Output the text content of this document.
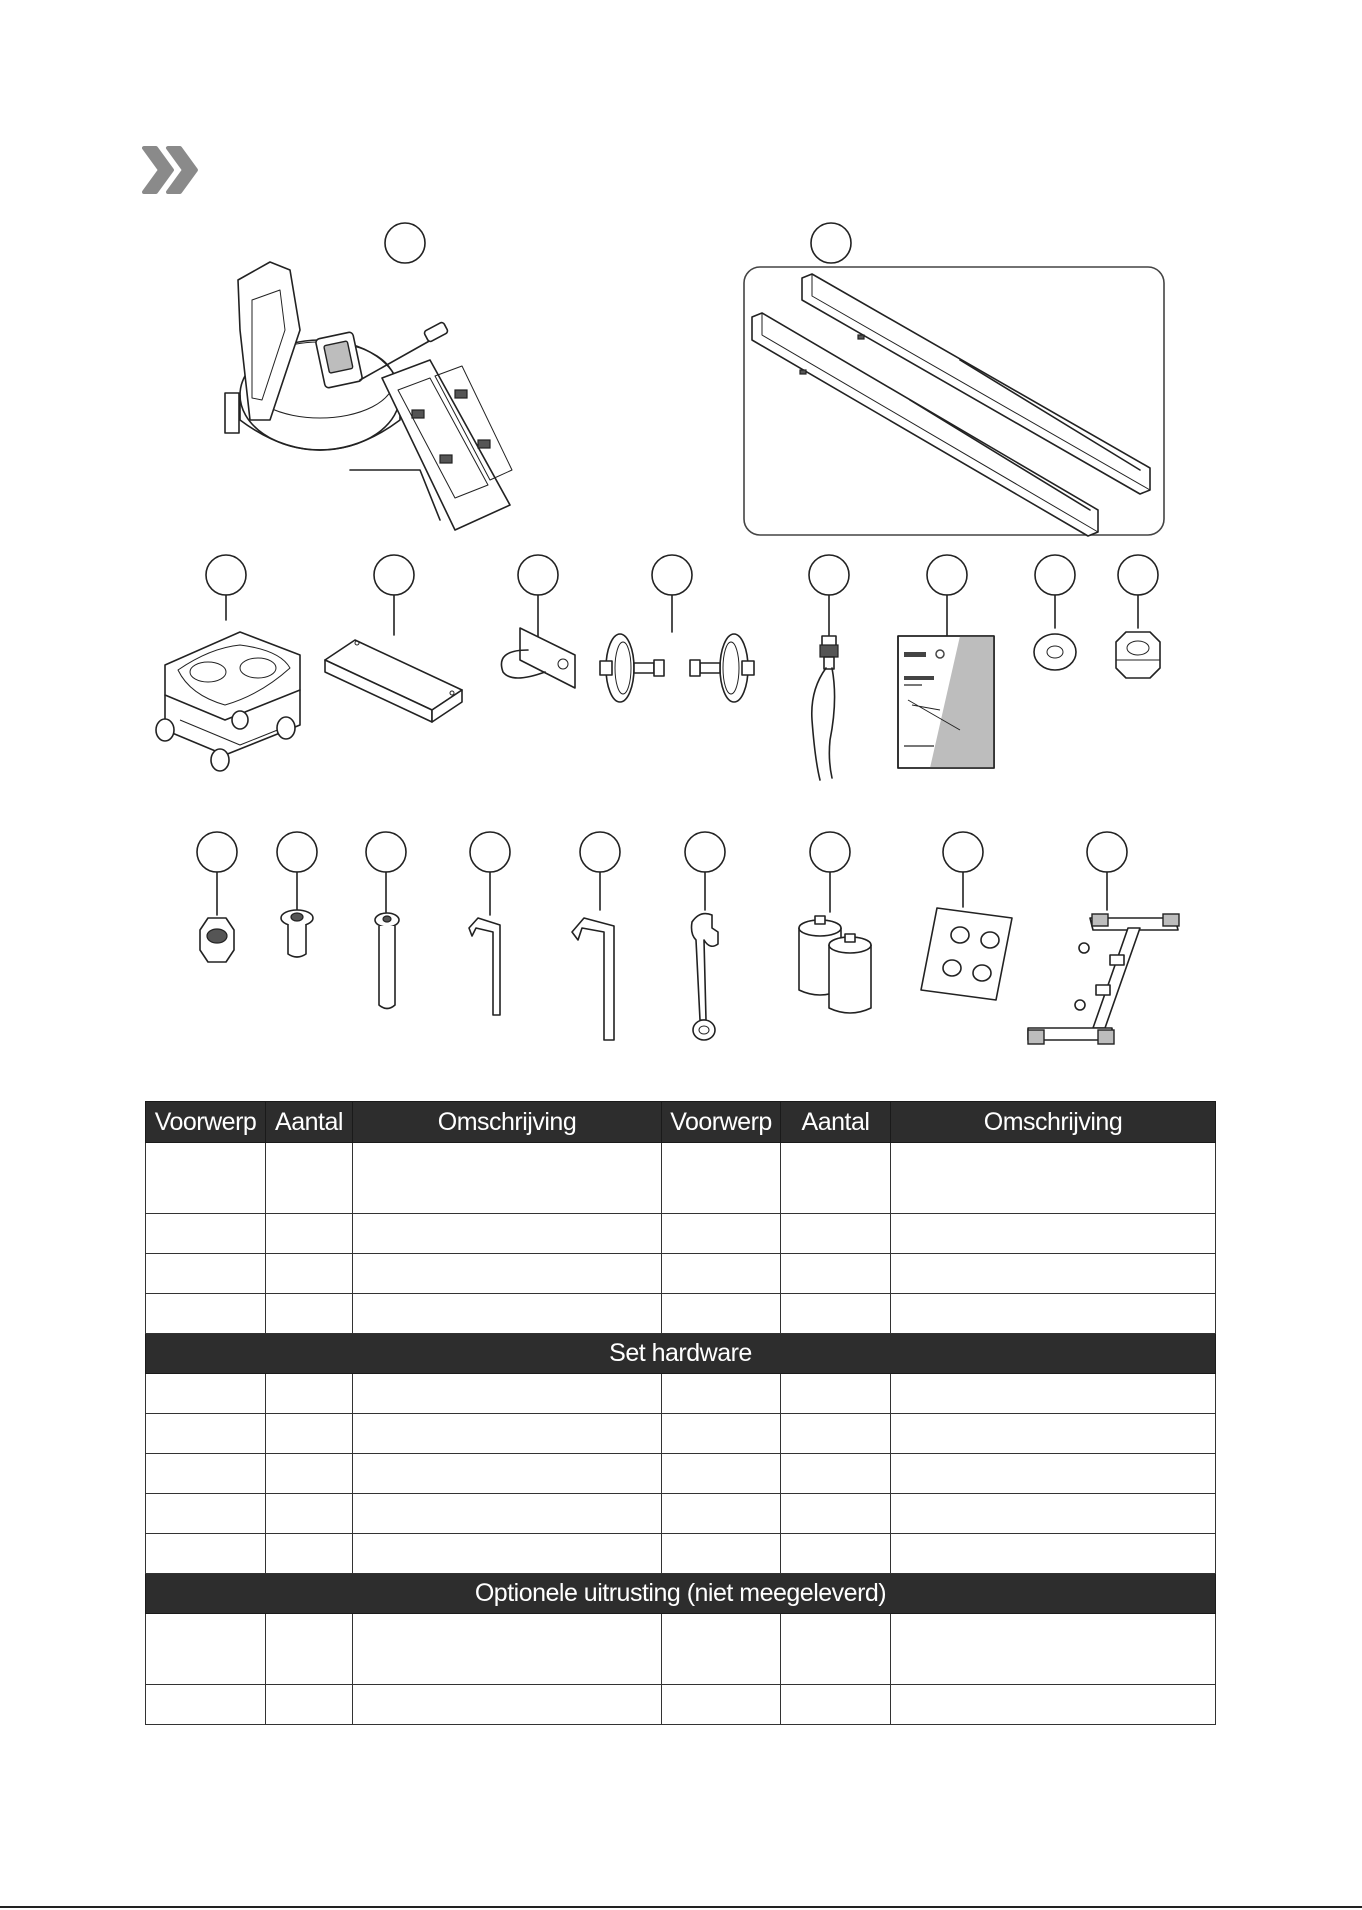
Voorwerp	Aantal	Omschrijving	Voorwerp	Aantal	Omschrijving

Set hardware					

Optionele uitrusting (niet meegeleverd)					
